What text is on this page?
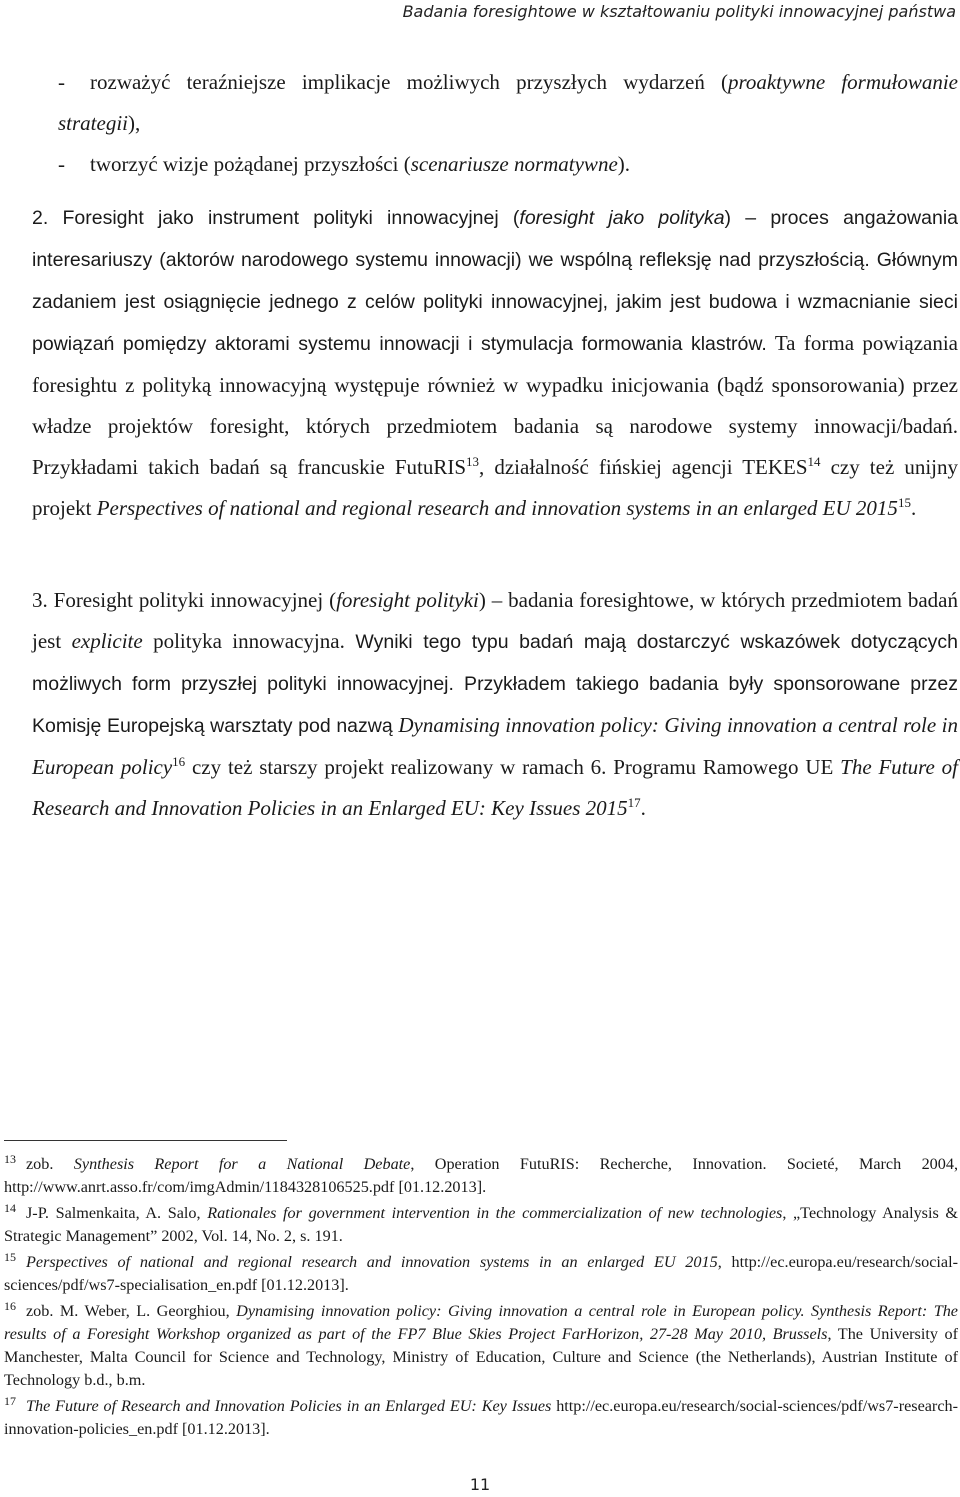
Badania foresightowe w kształtowaniu polityki innowacyjnej państwa

- rozważyć teraźniejsze implikacje możliwych przyszłych wydarzeń (proaktywne formułowanie strategii),

- tworzyć wizje pożądanej przyszłości (scenariusze normatywne).

2. Foresight jako instrument polityki innowacyjnej (foresight jako polityka) – proces angażowania interesariuszy (aktorów narodowego systemu innowacji) we wspólną refleksję nad przyszłością. Głównym zadaniem jest osiągnięcie jednego z celów polityki innowacyjnej, jakim jest budowa i wzmacnianie sieci powiązań pomiędzy aktorami systemu innowacji i stymulacja formowania klastrów. Ta forma powiązania foresightu z polityką innowacyjną występuje również w wypadku inicjowania (bądź sponsorowania) przez władze projektów foresight, których przedmiotem badania są narodowe systemy innowacji/badań. Przykładami takich badań są francuskie FutuRIS$^{13}$, działalność fińskiej agencji TEKES$^{14}$ czy też unijny projekt Perspectives of national and regional research and innovation systems in an enlarged EU 2015$^{15}$.

3. Foresight polityki innowacyjnej (foresight polityki) – badania foresightowe, w których przedmiotem badań jest explicite polityka innowacyjna. Wyniki tego typu badań mają dostarczyć wskazówek dotyczących możliwych form przyszłej polityki innowacyjnej. Przykładem takiego badania były sponsorowane przez Komisję Europejską warsztaty pod nazwą Dynamising innovation policy: Giving innovation a central role in European policy$^{16}$ czy też starszy projekt realizowany w ramach 6. Programu Ramowego UE The Future of Research and Innovation Policies in an Enlarged EU: Key Issues 2015$^{17}$.

$^{13}$ zob. Synthesis Report for a National Debate, Operation FutuRIS: Recherche, Innovation. Societé, March 2004, http://www.anrt.asso.fr/com/imgAdmin/1184328106525.pdf [01.12.2013].

$^{14}$ J-P. Salmenkaita, A. Salo, Rationales for government intervention in the commercialization of new technologies, „Technology Analysis & Strategic Management” 2002, Vol. 14, No. 2, s. 191.

$^{15}$ Perspectives of national and regional research and innovation systems in an enlarged EU 2015, http://ec.europa.eu/research/social-sciences/pdf/ws7-specialisation_en.pdf [01.12.2013].

$^{16}$ zob. M. Weber, L. Georghiou, Dynamising innovation policy: Giving innovation a central role in European policy. Synthesis Report: The results of a Foresight Workshop organized as part of the FP7 Blue Skies Project FarHorizon, 27-28 May 2010, Brussels, The University of Manchester, Malta Council for Science and Technology, Ministry of Education, Culture and Science (the Netherlands), Austrian Institute of Technology b.d., b.m.

$^{17}$ The Future of Research and Innovation Policies in an Enlarged EU: Key Issues http://ec.europa.eu/research/social-sciences/pdf/ws7-research-innovation-policies_en.pdf [01.12.2013].

11
